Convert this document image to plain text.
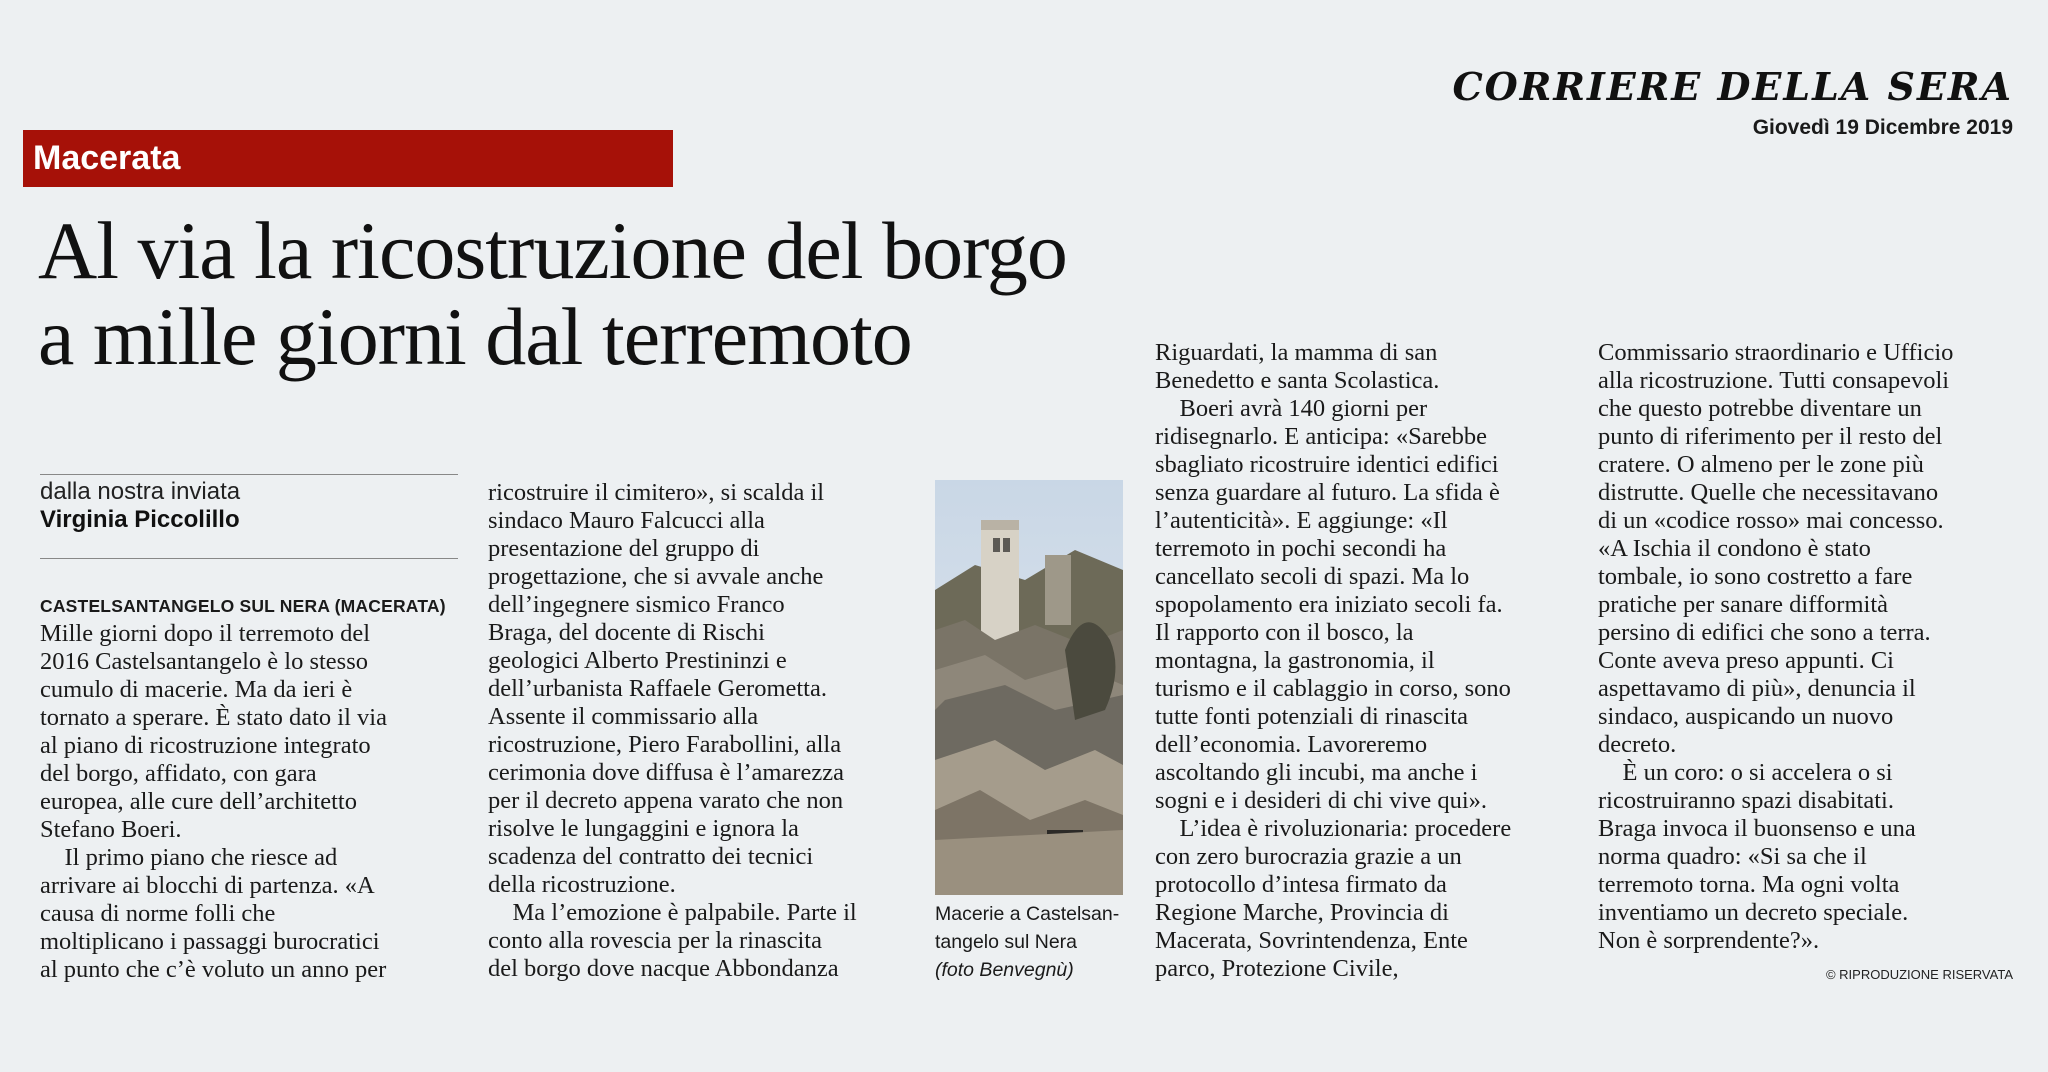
CORRIERE DELLA SERA
Giovedì 19 Dicembre 2019
Macerata
Al via la ricostruzione del borgo
a mille giorni dal terremoto
dalla nostra inviata
Virginia Piccolillo
CASTELSANTANGELO SUL NERA (MACERATA)
Mille giorni dopo il terremoto del
2016 Castelsantangelo è lo stesso
cumulo di macerie. Ma da ieri è
tornato a sperare. È stato dato il via
al piano di ricostruzione integrato
del borgo, affidato, con gara
europea, alle cure dell’architetto
Stefano Boeri.
Il primo piano che riesce ad
arrivare ai blocchi di partenza. «A
causa di norme folli che
moltiplicano i passaggi burocratici
al punto che c’è voluto un anno per
ricostruire il cimitero», si scalda il
sindaco Mauro Falcucci alla
presentazione del gruppo di
progettazione, che si avvale anche
dell’ingegnere sismico Franco
Braga, del docente di Rischi
geologici Alberto Prestininzi e
dell’urbanista Raffaele Gerometta.
Assente il commissario alla
ricostruzione, Piero Farabollini, alla
cerimonia dove diffusa è l’amarezza
per il decreto appena varato che non
risolve le lungaggini e ignora la
scadenza del contratto dei tecnici
della ricostruzione.
Ma l’emozione è palpabile. Parte il
conto alla rovescia per la rinascita
del borgo dove nacque Abbondanza
Riguardati, la mamma di san
Benedetto e santa Scolastica.
Boeri avrà 140 giorni per
ridisegnarlo. E anticipa: «Sarebbe
sbagliato ricostruire identici edifici
senza guardare al futuro. La sfida è
l’autenticità». E aggiunge: «Il
terremoto in pochi secondi ha
cancellato secoli di spazi. Ma lo
spopolamento era iniziato secoli fa.
Il rapporto con il bosco, la
montagna, la gastronomia, il
turismo e il cablaggio in corso, sono
tutte fonti potenziali di rinascita
dell’economia. Lavoreremo
ascoltando gli incubi, ma anche i
sogni e i desideri di chi vive qui».
L’idea è rivoluzionaria: procedere
con zero burocrazia grazie a un
protocollo d’intesa firmato da
Regione Marche, Provincia di
Macerata, Sovrintendenza, Ente
parco, Protezione Civile,
Commissario straordinario e Ufficio
alla ricostruzione. Tutti consapevoli
che questo potrebbe diventare un
punto di riferimento per il resto del
cratere. O almeno per le zone più
distrutte. Quelle che necessitavano
di un «codice rosso» mai concesso.
«A Ischia il condono è stato
tombale, io sono costretto a fare
pratiche per sanare difformità
persino di edifici che sono a terra.
Conte aveva preso appunti. Ci
aspettavamo di più», denuncia il
sindaco, auspicando un nuovo
decreto.
È un coro: o si accelera o si
ricostruiranno spazi disabitati.
Braga invoca il buonsenso e una
norma quadro: «Si sa che il
terremoto torna. Ma ogni volta
inventiamo un decreto speciale.
Non è sorprendente?».
Macerie a Castelsan-
tangelo sul Nera
(foto Benvegnù)	© RIPRODUZIONE RISERVATA
